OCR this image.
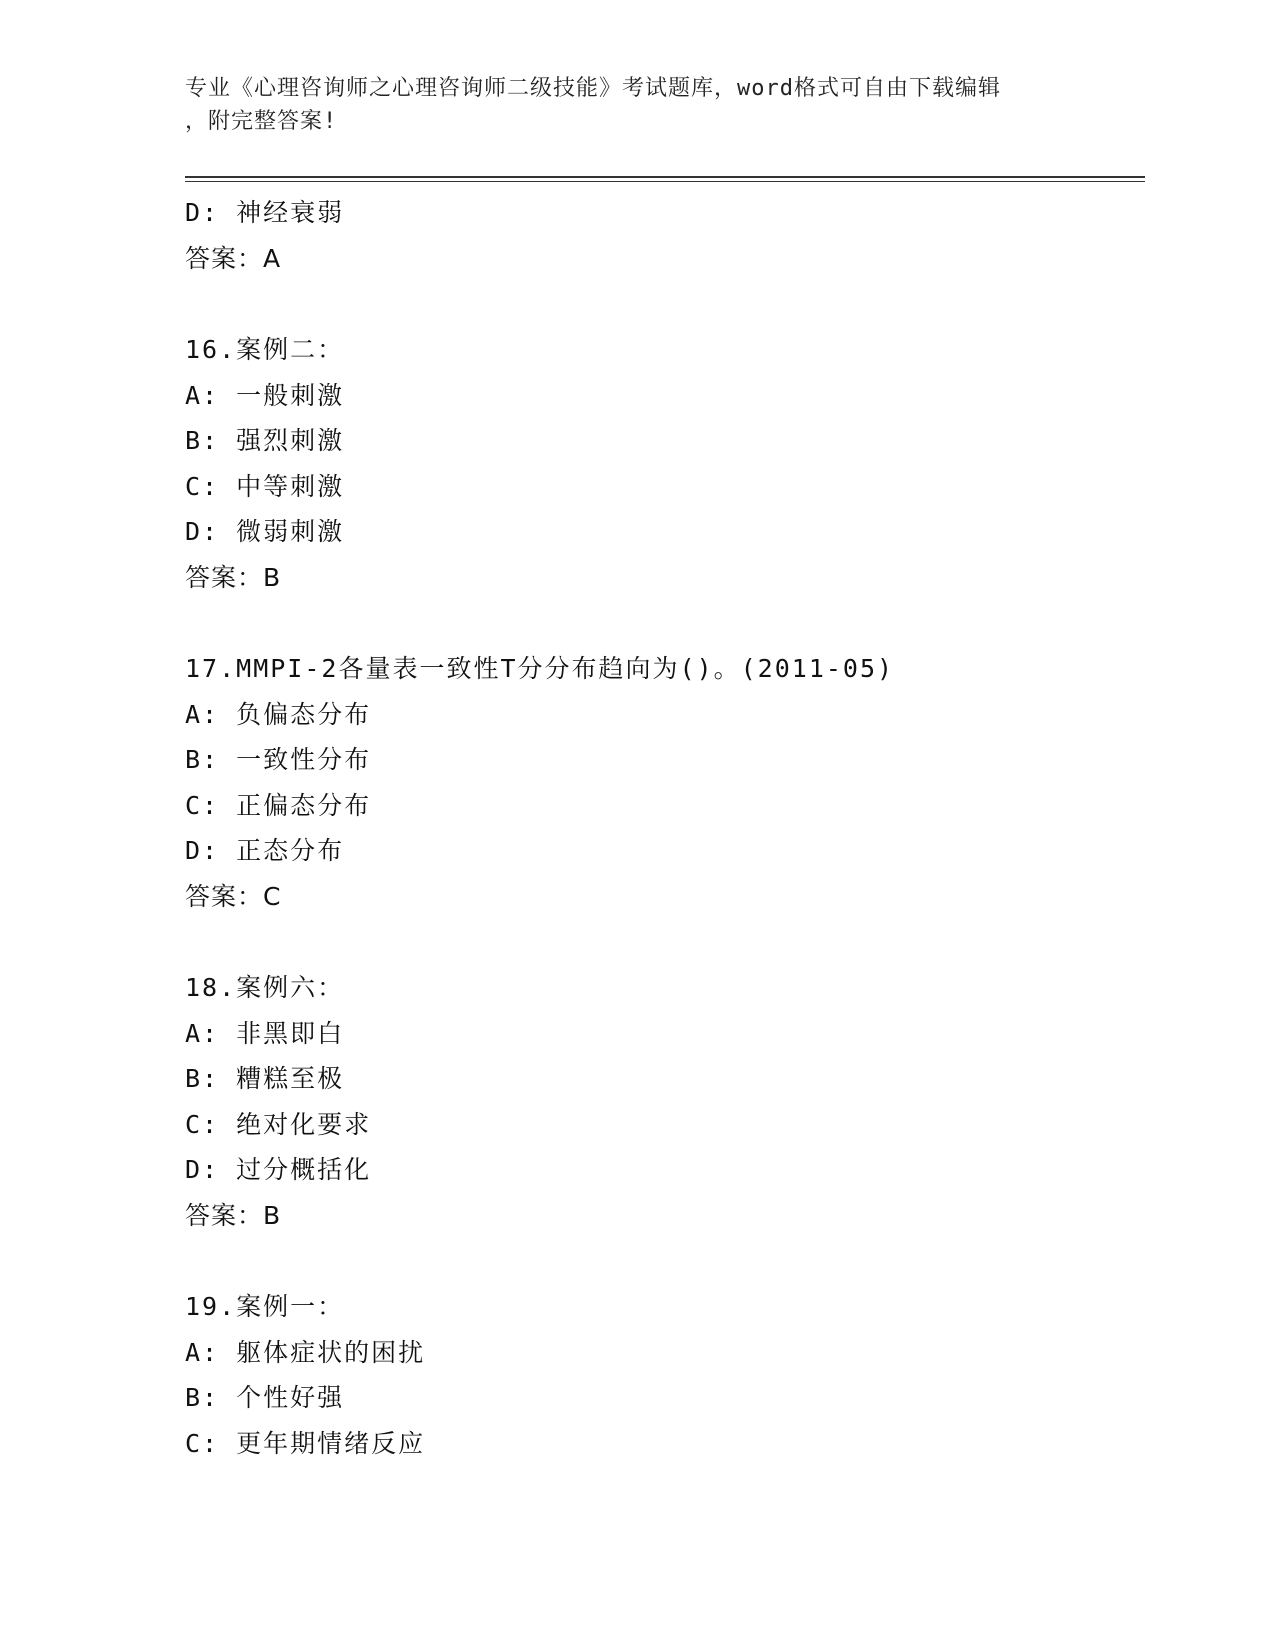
专业《心理咨询师之心理咨询师二级技能》考试题库，word格式可自由下载编辑
，附完整答案!
D: 神经衰弱
答案：A
16.案例二：
A: 一般刺激
B: 强烈刺激
C: 中等刺激
D: 微弱刺激
答案：B
17.MMPI-2各量表一致性T分分布趋向为()。(2011-05)
A: 负偏态分布
B: 一致性分布
C: 正偏态分布
D: 正态分布
答案：C
18.案例六：
A: 非黑即白
B: 糟糕至极
C: 绝对化要求
D: 过分概括化
答案：B
19.案例一：
A: 躯体症状的困扰
B: 个性好强
C: 更年期情绪反应
